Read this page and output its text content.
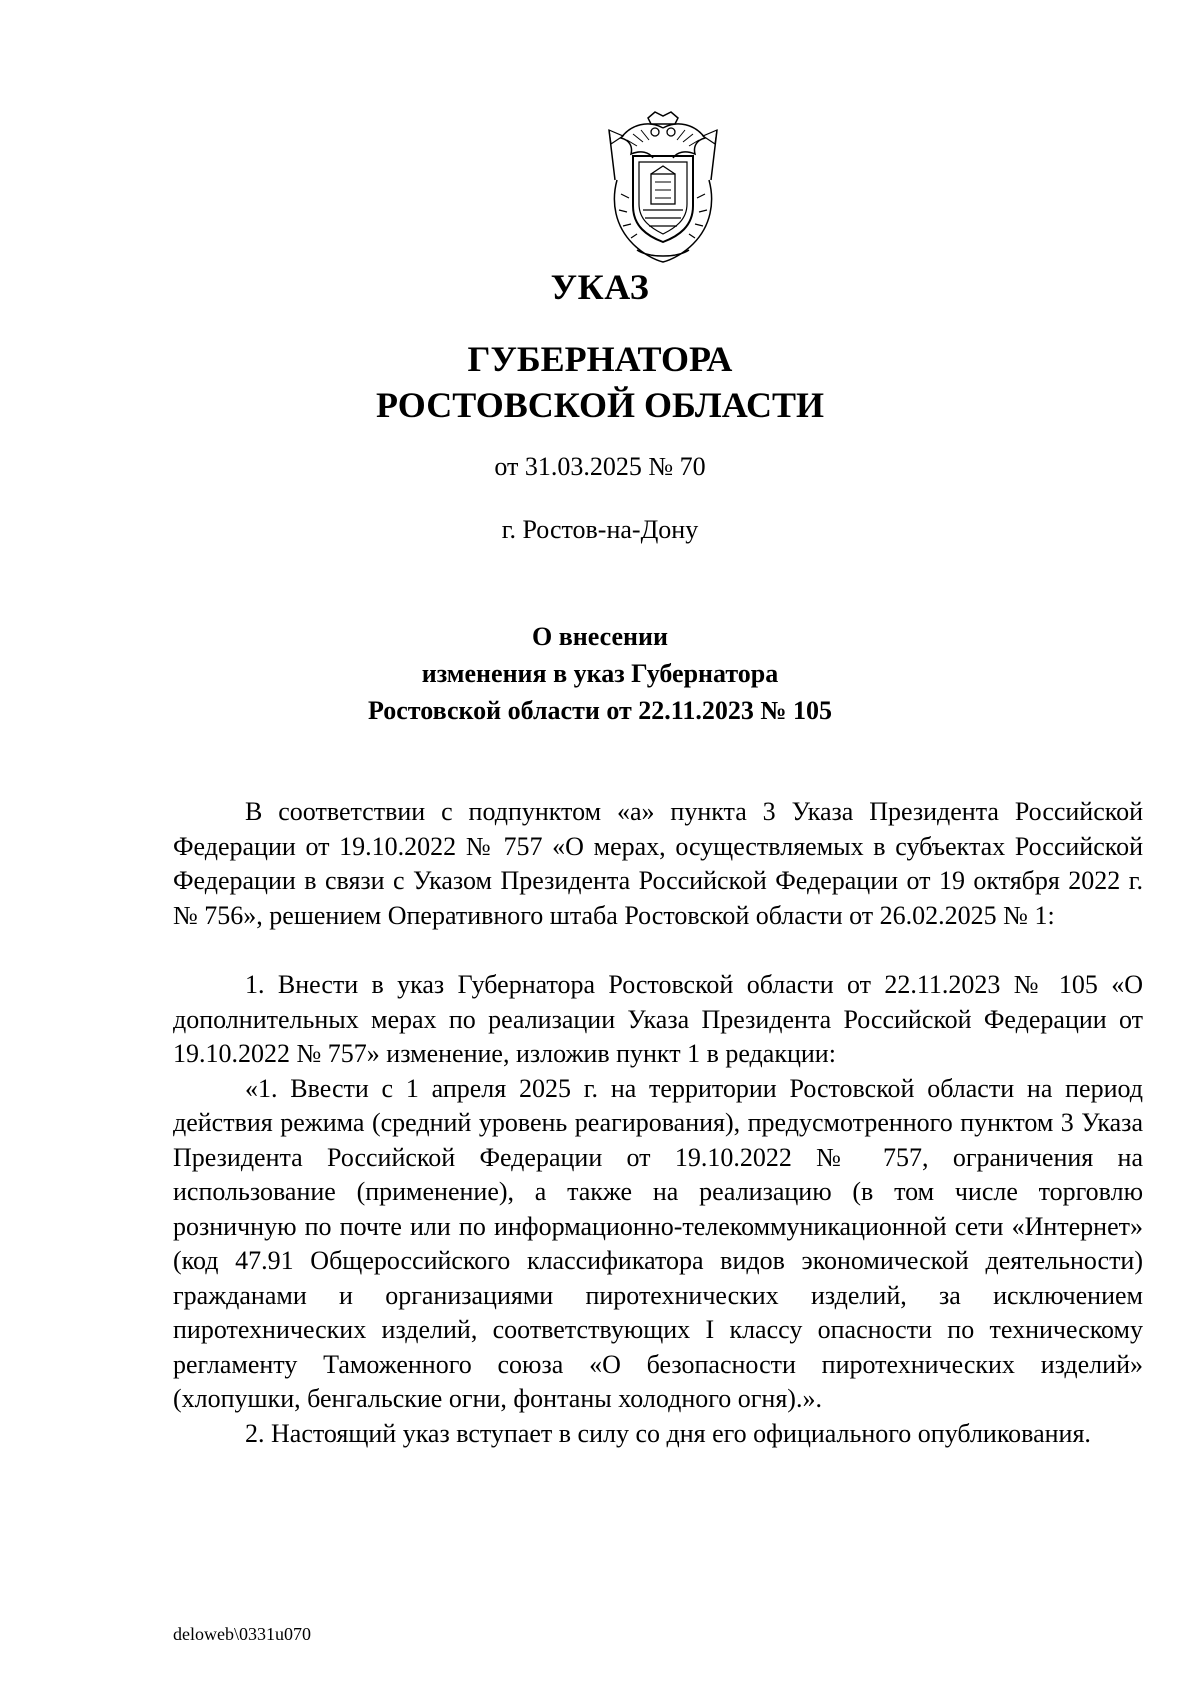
УКАЗ
ГУБЕРНАТОРА
РОСТОВСКОЙ ОБЛАСТИ
от 31.03.2025 № 70
г. Ростов-на-Дону
О внесении
изменения в указ Губернатора
Ростовской области от 22.11.2023 № 105

В соответствии с подпунктом «а» пункта 3 Указа Президента Российской Федерации от 19.10.2022 № 757 «О мерах, осуществляемых в субъектах Российской Федерации в связи с Указом Президента Российской Федерации от 19 октября 2022 г. № 756», решением Оперативного штаба Ростовской области от 26.02.2025 № 1:

1. Внести в указ Губернатора Ростовской области от 22.11.2023 № 105 «О дополнительных мерах по реализации Указа Президента Российской Федерации от 19.10.2022 № 757» изменение, изложив пункт 1 в редакции:

«1. Ввести с 1 апреля 2025 г. на территории Ростовской области на период действия режима (средний уровень реагирования), предусмотренного пунктом 3 Указа Президента Российской Федерации от 19.10.2022 № 757, ограничения на использование (применение), а также на реализацию (в том числе торговлю розничную по почте или по информационно-телекоммуникационной сети «Интернет» (код 47.91 Общероссийского классификатора видов экономической деятельности) гражданами и организациями пиротехнических изделий, за исключением пиротехнических изделий, соответствующих I классу опасности по техническому регламенту Таможенного союза «О безопасности пиротехнических изделий» (хлопушки, бенгальские огни, фонтаны холодного огня).».

2. Настоящий указ вступает в силу со дня его официального опубликования.

deloweb\0331u070
